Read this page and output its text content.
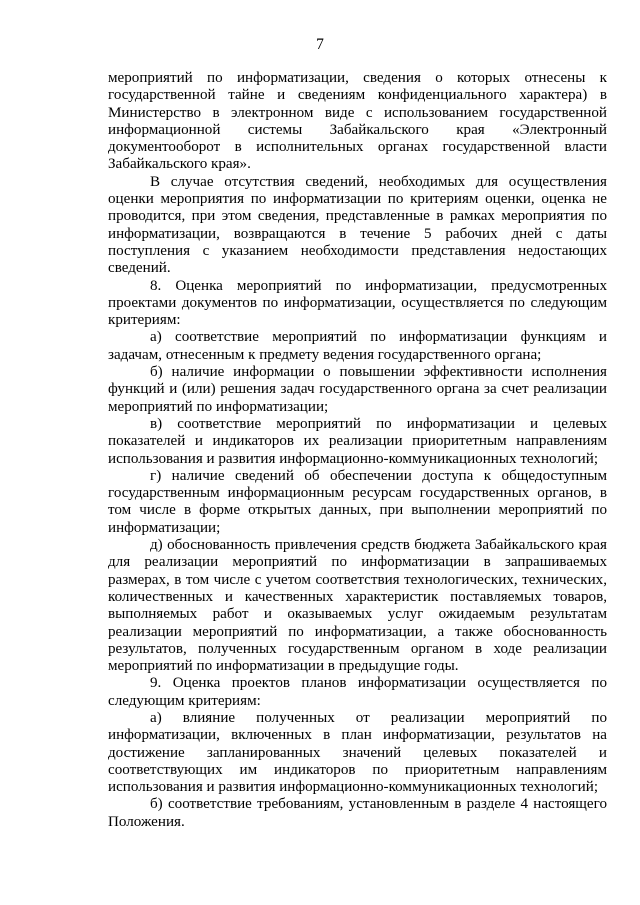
7

мероприятий по информатизации, сведения о которых отнесены к государственной тайне и сведениям конфиденциального характера) в Министерство в электронном виде с использованием государственной информационной системы Забайкальского края «Электронный документооборот в исполнительных органах государственной власти Забайкальского края».

В случае отсутствия сведений, необходимых для осуществления оценки мероприятия по информатизации по критериям оценки, оценка не проводится, при этом сведения, представленные в рамках мероприятия по информатизации, возвращаются в течение 5 рабочих дней с даты поступления с указанием необходимости представления недостающих сведений.

8. Оценка мероприятий по информатизации, предусмотренных проектами документов по информатизации, осуществляется по следующим критериям:

а) соответствие мероприятий по информатизации функциям и задачам, отнесенным к предмету ведения государственного органа;

б) наличие информации о повышении эффективности исполнения функций и (или) решения задач государственного органа за счет реализации мероприятий по информатизации;

в) соответствие мероприятий по информатизации и целевых показателей и индикаторов их реализации приоритетным направлениям использования и развития информационно-коммуникационных технологий;

г) наличие сведений об обеспечении доступа к общедоступным государственным информационным ресурсам государственных органов, в том числе в форме открытых данных, при выполнении мероприятий по информатизации;

д) обоснованность привлечения средств бюджета Забайкальского края для реализации мероприятий по информатизации в запрашиваемых размерах, в том числе с учетом соответствия технологических, технических, количественных и качественных характеристик поставляемых товаров, выполняемых работ и оказываемых услуг ожидаемым результатам реализации мероприятий по информатизации, а также обоснованность результатов, полученных государственным органом в ходе реализации мероприятий по информатизации в предыдущие годы.

9. Оценка проектов планов информатизации осуществляется по следующим критериям:

а) влияние полученных от реализации мероприятий по информатизации, включенных в план информатизации, результатов на достижение запланированных значений целевых показателей и соответствующих им индикаторов по приоритетным направлениям использования и развития информационно-коммуникационных технологий;

б) соответствие требованиям, установленным в разделе 4 настоящего Положения.
